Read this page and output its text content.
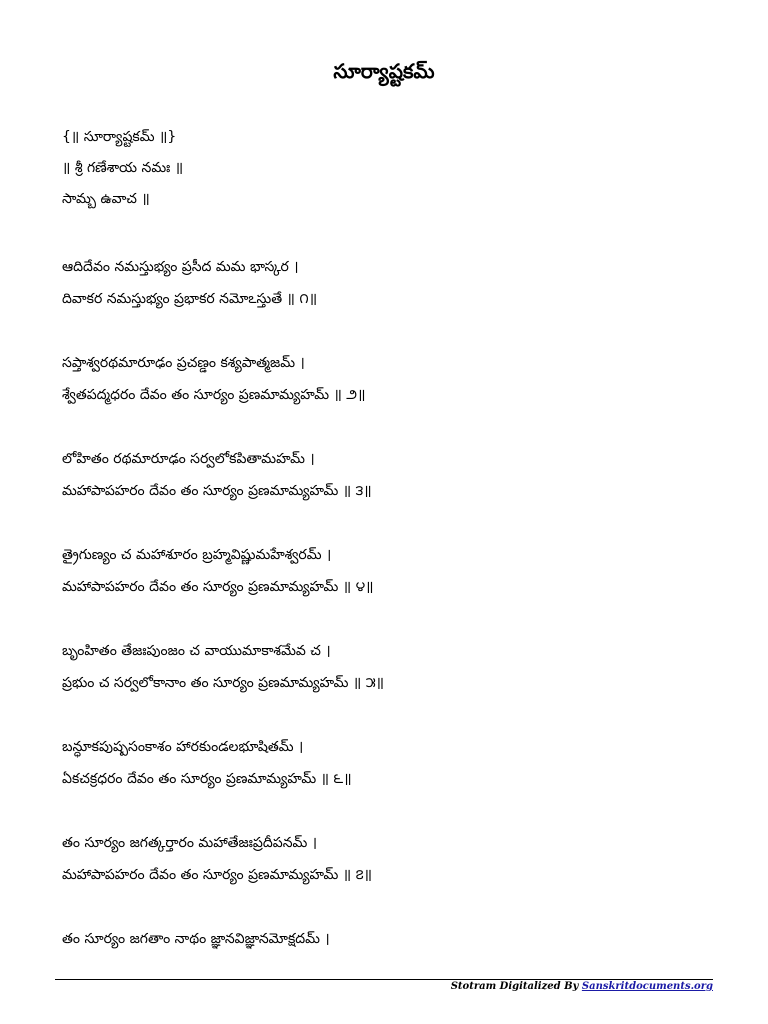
సూర్యాష్టకమ్
{॥ సూర్యాష్టకమ్ ॥}
॥ శ్రీ గణేశాయ నమః ॥
సామ్బ ఉవాచ ॥
ఆదిదేవం నమస్తుభ్యం ప్రసీద మమ భాస్కర ।
దివాకర నమస్తుభ్యం ప్రభాకర నమోఽస్తుతే ॥ ౧॥
సప్తాశ్వరథమారూఢం ప్రచణ్డం కశ్యపాత్మజమ్ ।
శ్వేతపద్మధరం దేవం తం సూర్యం ప్రణమామ్యహమ్ ॥ ౨॥
లోహితం రథమారూఢం సర్వలోకపితామహమ్ ।
మహాపాపహరం దేవం తం సూర్యం ప్రణమామ్యహమ్ ॥ ౩॥
త్రైగుణ్యం చ మహాశూరం బ్రహ్మవిష్ణుమహేశ్వరమ్ ।
మహాపాపహరం దేవం తం సూర్యం ప్రణమామ్యహమ్ ॥ ౪॥
బృంహితం తేజఃపుంజం చ వాయుమాకాశమేవ చ ।
ప్రభుం చ సర్వలోకానాం తం సూర్యం ప్రణమామ్యహమ్ ॥ ౫॥
బన్ధూకపుష్పసంకాశం హారకుండలభూషితమ్ ।
ఏకచక్రధరం దేవం తం సూర్యం ప్రణమామ్యహమ్ ॥ ౬॥
తం సూర్యం జగత్కర్తారం మహాతేజఃప్రదీపనమ్ ।
మహాపాపహరం దేవం తం సూర్యం ప్రణమామ్యహమ్ ॥ ౭॥
తం సూర్యం జగతాం నాథం జ్ఞానవిజ్ఞానమోక్షదమ్ ।
Stotram Digitalized By Sanskritdocuments.org
